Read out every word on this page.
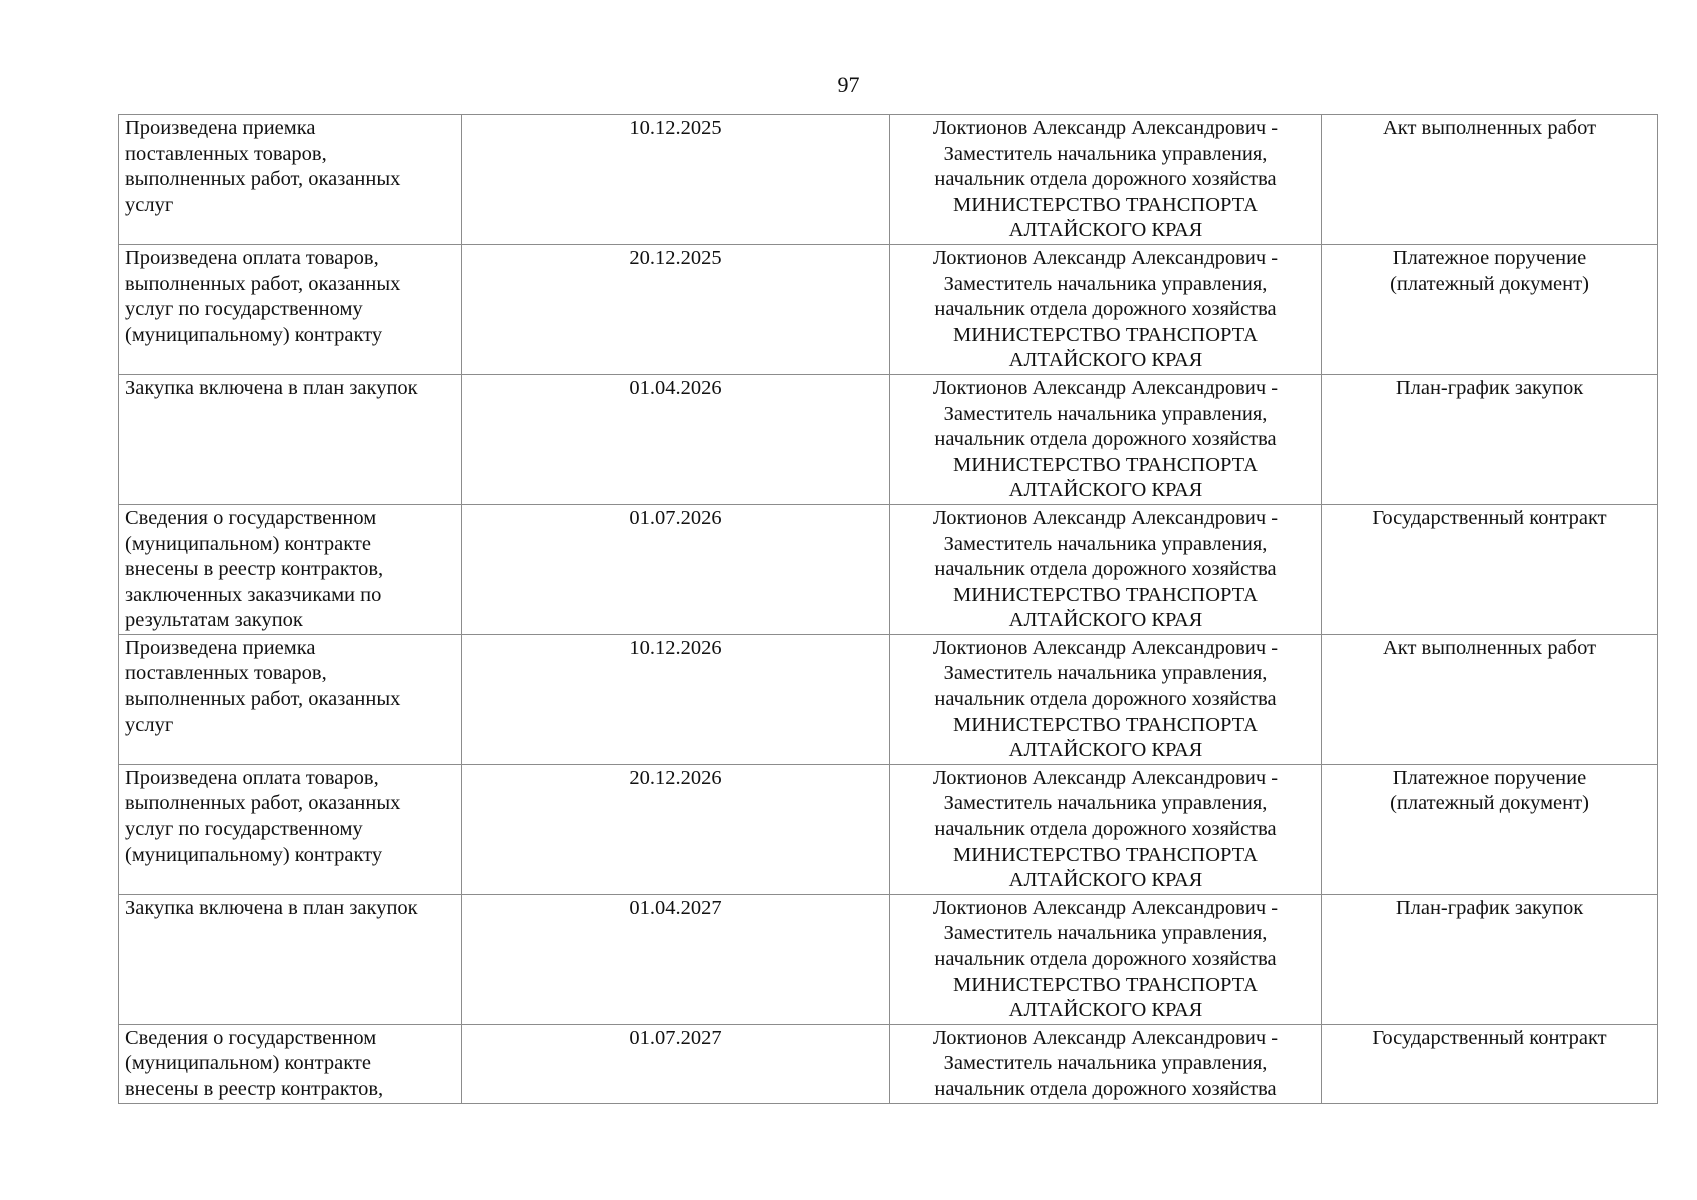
97
Произведена приемка
поставленных товаров,
выполненных работ, оказанных
услуг	10.12.2025	Локтионов Александр Александрович -
Заместитель начальника управления,
начальник отдела дорожного хозяйства
МИНИСТЕРСТВО ТРАНСПОРТА
АЛТАЙСКОГО КРАЯ	Акт выполненных работ

Произведена оплата товаров,
выполненных работ, оказанных
услуг по государственному
(муниципальному) контракту	20.12.2025	Локтионов Александр Александрович -
Заместитель начальника управления,
начальник отдела дорожного хозяйства
МИНИСТЕРСТВО ТРАНСПОРТА
АЛТАЙСКОГО КРАЯ	Платежное поручение
(платежный документ)

Закупка включена в план закупок	01.04.2026	Локтионов Александр Александрович -
Заместитель начальника управления,
начальник отдела дорожного хозяйства
МИНИСТЕРСТВО ТРАНСПОРТА
АЛТАЙСКОГО КРАЯ	План-график закупок

Сведения о государственном
(муниципальном) контракте
внесены в реестр контрактов,
заключенных заказчиками по
результатам закупок	01.07.2026	Локтионов Александр Александрович -
Заместитель начальника управления,
начальник отдела дорожного хозяйства
МИНИСТЕРСТВО ТРАНСПОРТА
АЛТАЙСКОГО КРАЯ	Государственный контракт

Произведена приемка
поставленных товаров,
выполненных работ, оказанных
услуг	10.12.2026	Локтионов Александр Александрович -
Заместитель начальника управления,
начальник отдела дорожного хозяйства
МИНИСТЕРСТВО ТРАНСПОРТА
АЛТАЙСКОГО КРАЯ	Акт выполненных работ

Произведена оплата товаров,
выполненных работ, оказанных
услуг по государственному
(муниципальному) контракту	20.12.2026	Локтионов Александр Александрович -
Заместитель начальника управления,
начальник отдела дорожного хозяйства
МИНИСТЕРСТВО ТРАНСПОРТА
АЛТАЙСКОГО КРАЯ	Платежное поручение
(платежный документ)

Закупка включена в план закупок	01.04.2027	Локтионов Александр Александрович -
Заместитель начальника управления,
начальник отдела дорожного хозяйства
МИНИСТЕРСТВО ТРАНСПОРТА
АЛТАЙСКОГО КРАЯ	План-график закупок

Сведения о государственном
(муниципальном) контракте
внесены в реестр контрактов,	01.07.2027	Локтионов Александр Александрович -
Заместитель начальника управления,
начальник отдела дорожного хозяйства	Государственный контракт
